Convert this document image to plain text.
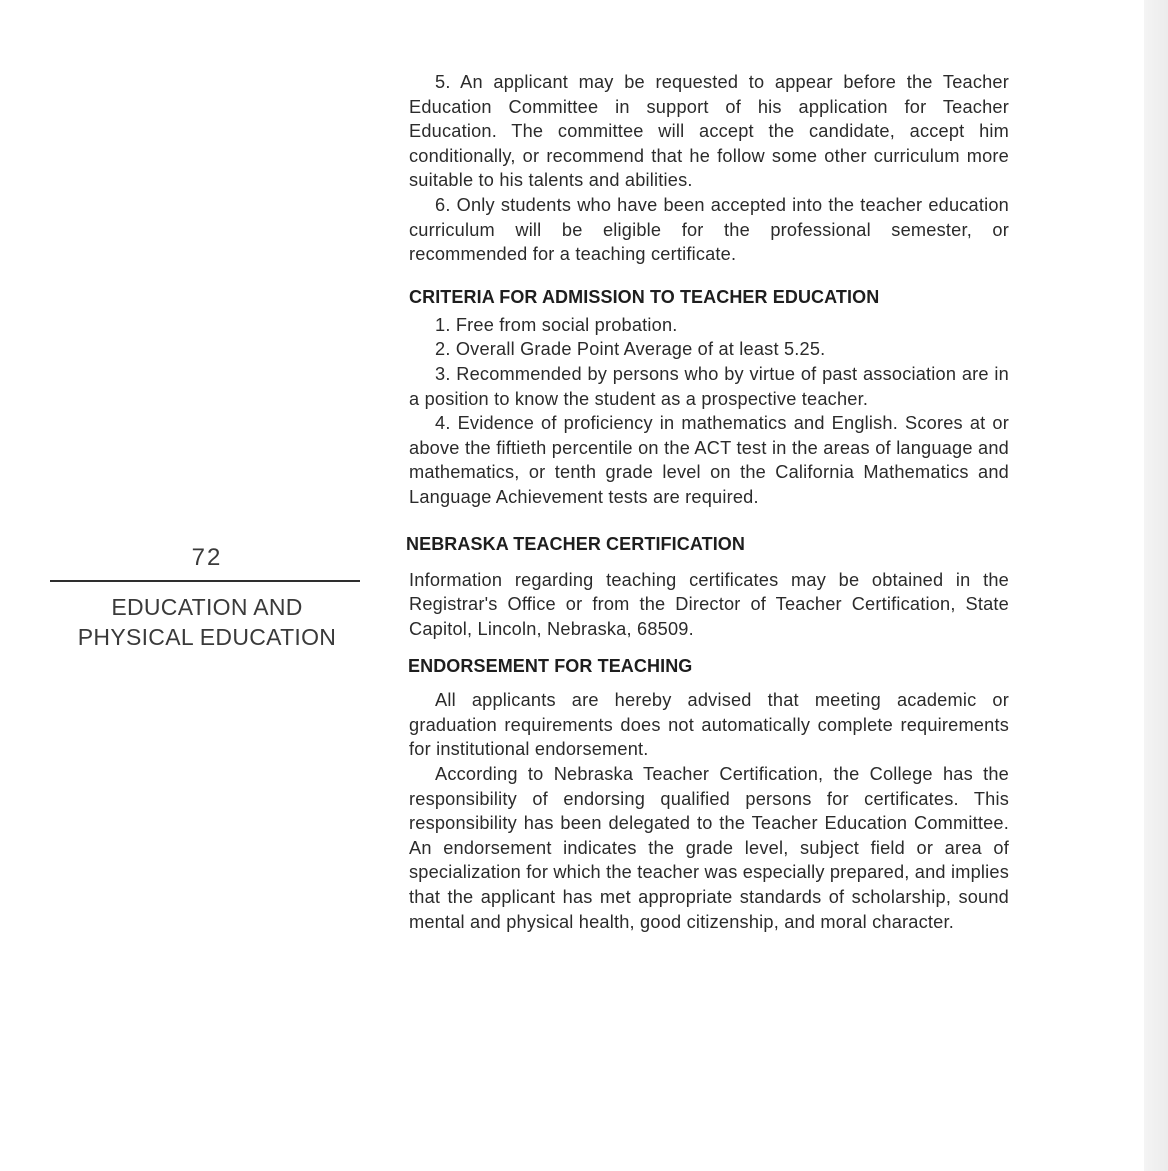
72
EDUCATION AND
PHYSICAL EDUCATION

5. An applicant may be requested to appear before the Teacher Education Committee in support of his application for Teacher Education. The committee will accept the candidate, accept him conditionally, or recommend that he follow some other curriculum more suitable to his talents and abilities.

6. Only students who have been accepted into the teacher education curriculum will be eligible for the professional semester, or recommended for a teaching certificate.

CRITERIA FOR ADMISSION TO TEACHER EDUCATION

1. Free from social probation.

2. Overall Grade Point Average of at least 5.25.

3. Recommended by persons who by virtue of past association are in a position to know the student as a prospective teacher.

4. Evidence of proficiency in mathematics and English. Scores at or above the fiftieth percentile on the ACT test in the areas of language and mathematics, or tenth grade level on the California Mathematics and Language Achievement tests are required.

NEBRASKA TEACHER CERTIFICATION

Information regarding teaching certificates may be obtained in the Registrar's Office or from the Director of Teacher Certification, State Capitol, Lincoln, Nebraska, 68509.

ENDORSEMENT FOR TEACHING

All applicants are hereby advised that meeting academic or graduation requirements does not automatically complete requirements for institutional endorsement.

According to Nebraska Teacher Certification, the College has the responsibility of endorsing qualified persons for certificates. This responsibility has been delegated to the Teacher Education Committee. An endorsement indicates the grade level, subject field or area of specialization for which the teacher was especially prepared, and implies that the applicant has met appropriate standards of scholarship, sound mental and physical health, good citizenship, and moral character.
